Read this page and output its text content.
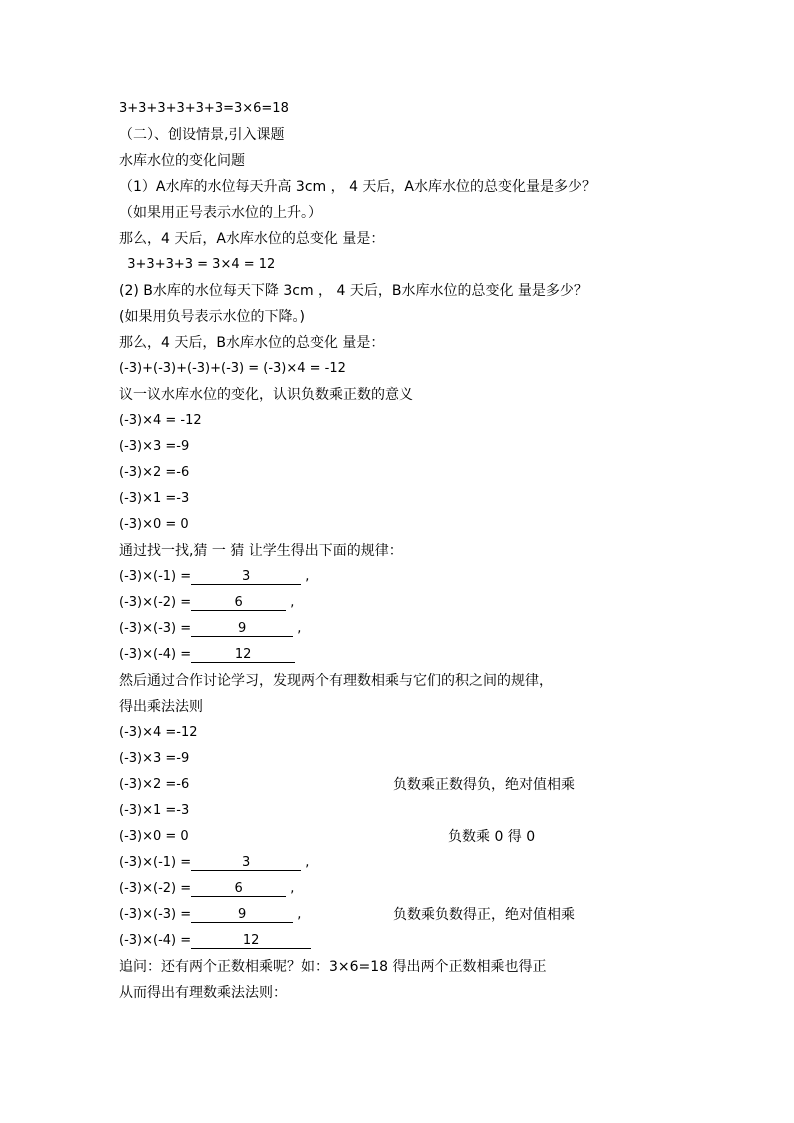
3+3+3+3+3+3=3×6=18
（二）、创设情景,引入课题
水库水位的变化问题
（1）A水库的水位每天升高 3cm ， 4 天后，A水库水位的总变化量是多少？
（如果用正号表示水位的上升。）
那么，4 天后，A水库水位的总变化 量是：
3+3+3+3 = 3×4 = 12
(2) B水库的水位每天下降 3cm ， 4 天后，B水库水位的总变化 量是多少？
(如果用负号表示水位的下降。)
那么，4 天后，B水库水位的总变化 量是：
(-3)+(-3)+(-3)+(-3) = (-3)×4 = -12
议一议水库水位的变化，认识负数乘正数的意义
(-3)×4 = -12
(-3)×3 =-9
(-3)×2 =-6
(-3)×1 =-3
(-3)×0 = 0
通过找一找,猜 一 猜 让学生得出下面的规律：
(-3)×(-1) =	3	,
(-3)×(-2) =	6	,
(-3)×(-3) =	9	,
(-3)×(-4) =	12
然后通过合作讨论学习，发现两个有理数相乘与它们的积之间的规律，
得出乘法法则
(-3)×4 =-12
(-3)×3 =-9
(-3)×2 =-6	负数乘正数得负，绝对值相乘
(-3)×1 =-3
(-3)×0 = 0	负数乘 0 得 0
(-3)×(-1) =	3	,
(-3)×(-2) =	6	,
(-3)×(-3) =	9	,	负数乘负数得正，绝对值相乘
(-3)×(-4) =	12
追问：还有两个正数相乘呢？如：3×6=18 得出两个正数相乘也得正
从而得出有理数乘法法则：
